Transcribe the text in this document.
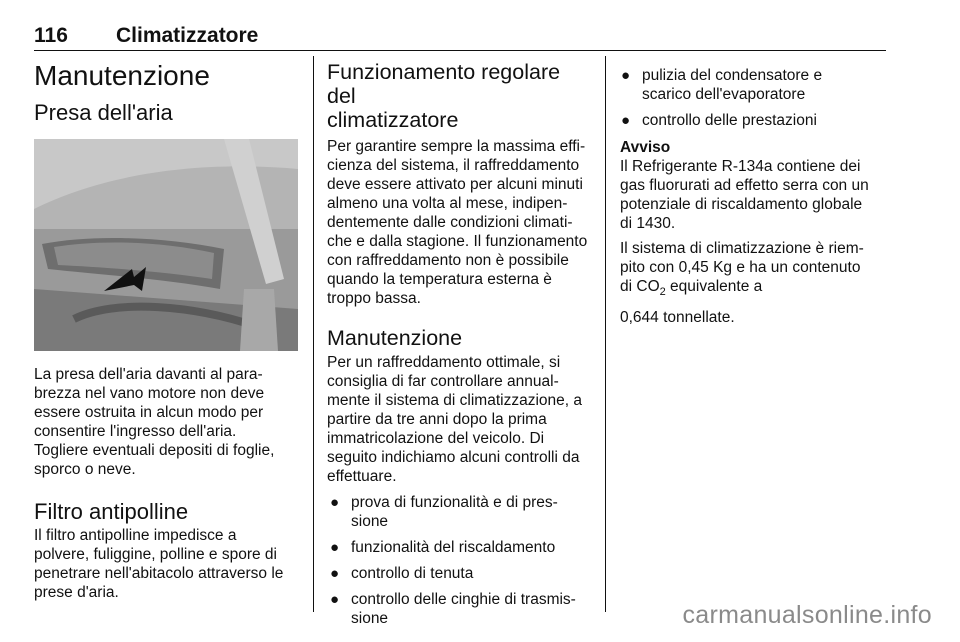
116 Climatizzatore
Manutenzione
Presa dell'aria

La presa dell'aria davanti al para-
brezza nel vano motore non deve
essere ostruita in alcun modo per
consentire l'ingresso dell'aria.
Togliere eventuali depositi di foglie,
sporco o neve.

Filtro antipolline

Il filtro antipolline impedisce a
polvere, fuliggine, polline e spore di
penetrare nell'abitacolo attraverso le
prese d'aria.

Funzionamento regolare del
climatizzatore

Per garantire sempre la massima effi-
cienza del sistema, il raffreddamento
deve essere attivato per alcuni minuti
almeno una volta al mese, indipen-
dentemente dalle condizioni climati-
che e dalla stagione. Il funzionamento
con raffreddamento non è possibile
quando la temperatura esterna è
troppo bassa.

Manutenzione

Per un raffreddamento ottimale, si
consiglia di far controllare annual-
mente il sistema di climatizzazione, a
partire da tre anni dopo la prima
immatricolazione del veicolo. Di
seguito indichiamo alcuni controlli da
effettuare.

● prova di funzionalità e di pres-
sione
● funzionalità del riscaldamento
● controllo di tenuta
● controllo delle cinghie di trasmis-
sione
● pulizia del condensatore e
scarico dell'evaporatore
● controllo delle prestazioni

Avviso

Il Refrigerante R-134a contiene dei
gas fluorurati ad effetto serra con un
potenziale di riscaldamento globale
di 1430.

Il sistema di climatizzazione è riem-
pito con 0,45 Kg e ha un contenuto
di $CO_2$ equivalente a

0,644 tonnellate.

carmanualsonline.info
